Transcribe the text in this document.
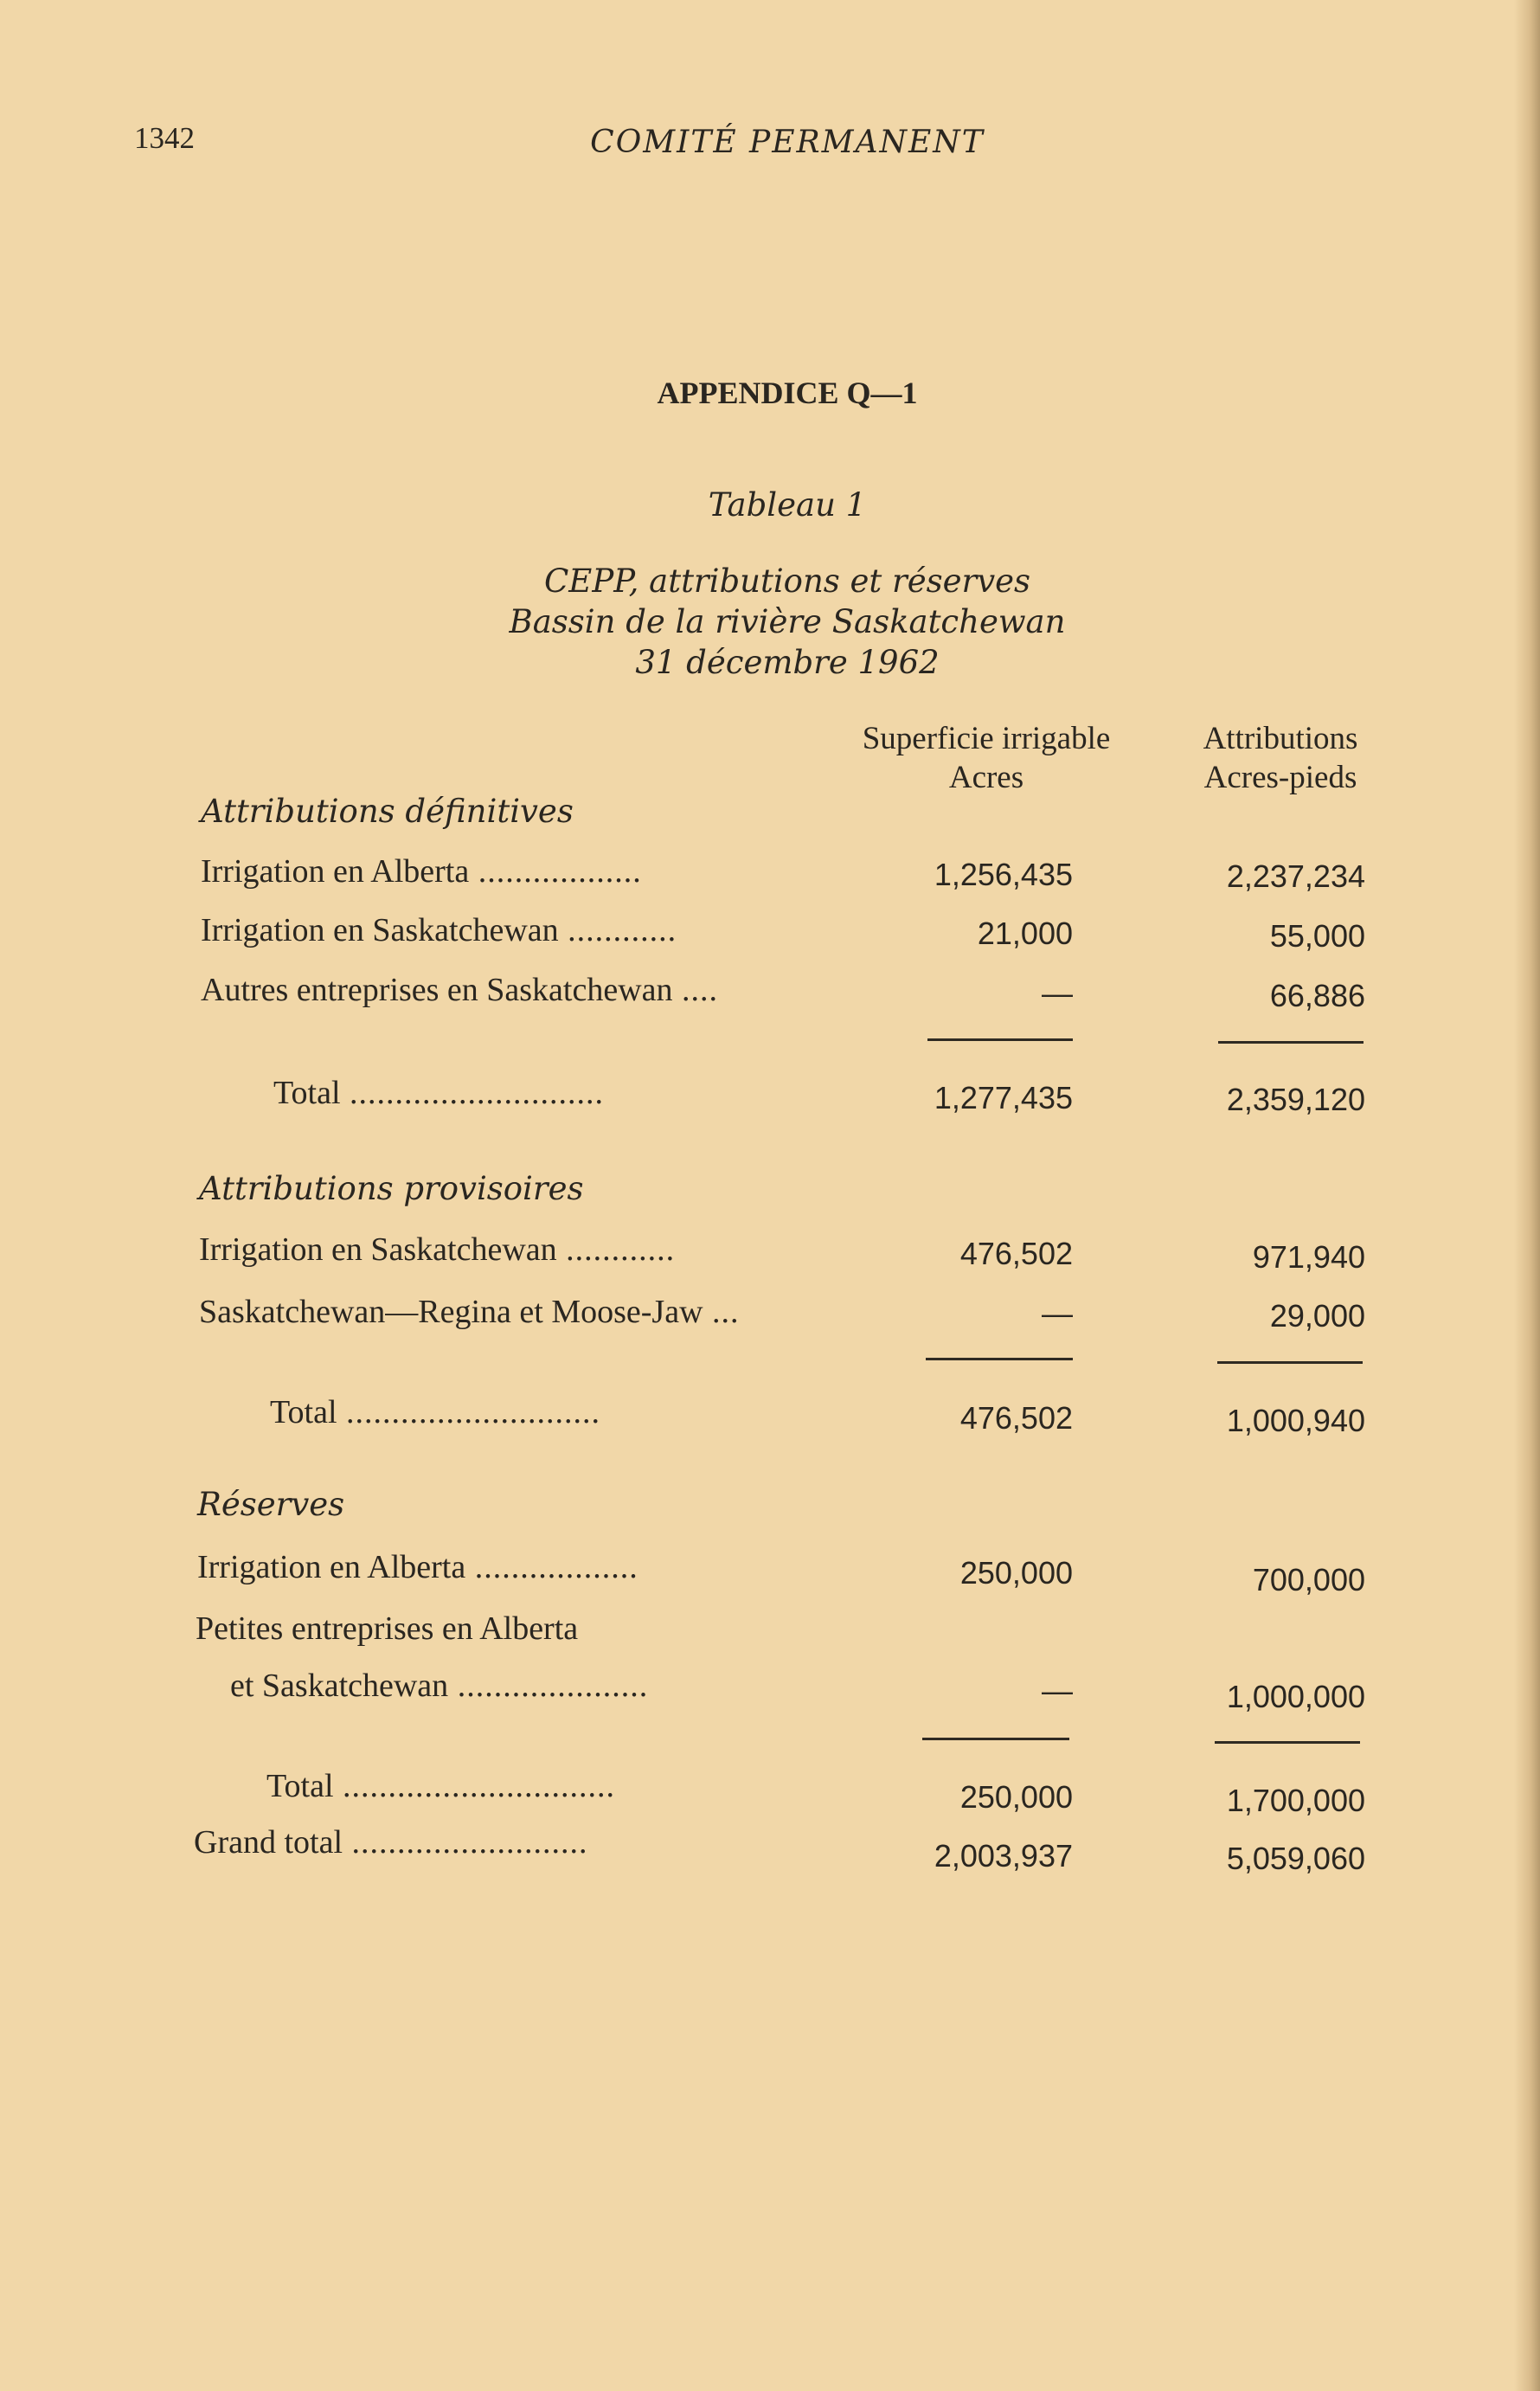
1342	COMITÉ PERMANENT
APPENDICE Q—1
Tableau 1
CEPP, attributions et réserves
Bassin de la rivière Saskatchewan
31 décembre 1962
Superficie irrigable
Acres
Attributions
Acres-pieds
Attributions définitives
Irrigation en Alberta ..................	1,256,435	2,237,234
Irrigation en Saskatchewan ............	21,000	55,000
Autres entreprises en Saskatchewan ....	—	66,886
Total ............................	1,277,435	2,359,120
Attributions provisoires
Irrigation en Saskatchewan ............	476,502	971,940
Saskatchewan—Regina et Moose-Jaw ...	—	29,000
Total ............................	476,502	1,000,940
Réserves
Irrigation en Alberta ..................	250,000	700,000
Petites entreprises en Alberta
et Saskatchewan .....................	—	1,000,000
Total ..............................	250,000	1,700,000
Grand total ..........................	2,003,937	5,059,060
